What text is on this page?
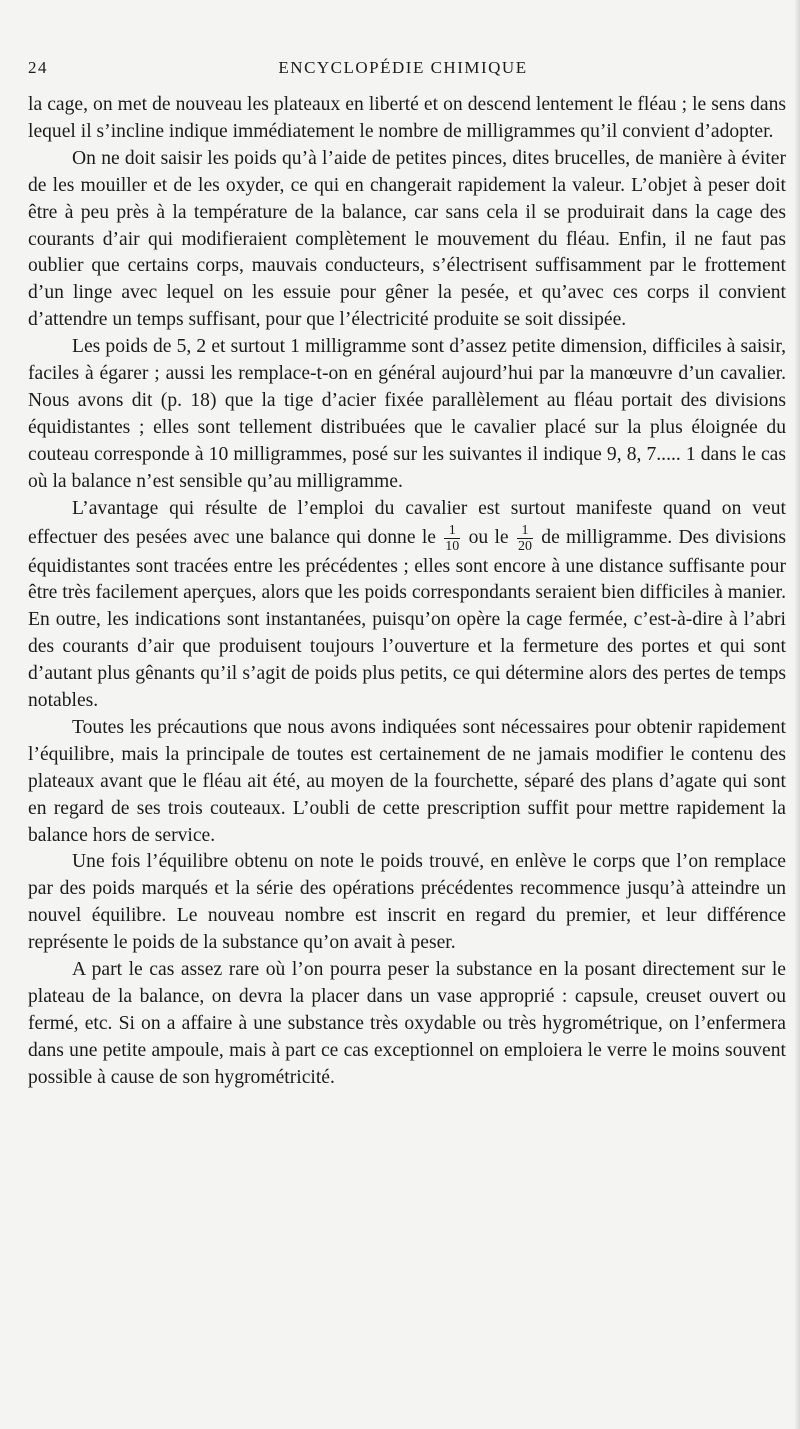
24	ENCYCLOPÉDIE CHIMIQUE

la cage, on met de nouveau les plateaux en liberté et on descend lentement le fléau ; le sens dans lequel il s’incline indique immédiatement le nombre de milligrammes qu’il convient d’adopter.

On ne doit saisir les poids qu’à l’aide de petites pinces, dites brucelles, de manière à éviter de les mouiller et de les oxyder, ce qui en changerait rapidement la valeur. L’objet à peser doit être à peu près à la température de la balance, car sans cela il se produirait dans la cage des courants d’air qui modifieraient complètement le mouvement du fléau. Enfin, il ne faut pas oublier que certains corps, mauvais conducteurs, s’électrisent suffisamment par le frottement d’un linge avec lequel on les essuie pour gêner la pesée, et qu’avec ces corps il convient d’attendre un temps suffisant, pour que l’électricité produite se soit dissipée.

Les poids de 5, 2 et surtout 1 milligramme sont d’assez petite dimension, difficiles à saisir, faciles à égarer ; aussi les remplace-t-on en général aujourd’hui par la manœuvre d’un cavalier. Nous avons dit (p. 18) que la tige d’acier fixée parallèlement au fléau portait des divisions équidistantes ; elles sont tellement distribuées que le cavalier placé sur la plus éloignée du couteau corresponde à 10 milligrammes, posé sur les suivantes il indique 9, 8, 7..... 1 dans le cas où la balance n’est sensible qu’au milligramme.

L’avantage qui résulte de l’emploi du cavalier est surtout manifeste quand on veut effectuer des pesées avec une balance qui donne le $\frac{1}{10}$ ou le $\frac{1}{20}$ de milligramme. Des divisions équidistantes sont tracées entre les précédentes ; elles sont encore à une distance suffisante pour être très facilement aperçues, alors que les poids correspondants seraient bien difficiles à manier. En outre, les indications sont instantanées, puisqu’on opère la cage fermée, c’est-à-dire à l’abri des courants d’air que produisent toujours l’ouverture et la fermeture des portes et qui sont d’autant plus gênants qu’il s’agit de poids plus petits, ce qui détermine alors des pertes de temps notables.

Toutes les précautions que nous avons indiquées sont nécessaires pour obtenir rapidement l’équilibre, mais la principale de toutes est certainement de ne jamais modifier le contenu des plateaux avant que le fléau ait été, au moyen de la fourchette, séparé des plans d’agate qui sont en regard de ses trois couteaux. L’oubli de cette prescription suffit pour mettre rapidement la balance hors de service.

Une fois l’équilibre obtenu on note le poids trouvé, en enlève le corps que l’on remplace par des poids marqués et la série des opérations précédentes recommence jusqu’à atteindre un nouvel équilibre. Le nouveau nombre est inscrit en regard du premier, et leur différence représente le poids de la substance qu’on avait à peser.

A part le cas assez rare où l’on pourra peser la substance en la posant directement sur le plateau de la balance, on devra la placer dans un vase approprié : capsule, creuset ouvert ou fermé, etc. Si on a affaire à une substance très oxydable ou très hygrométrique, on l’enfermera dans une petite ampoule, mais à part ce cas exceptionnel on emploiera le verre le moins souvent possible à cause de son hygrométricité.
